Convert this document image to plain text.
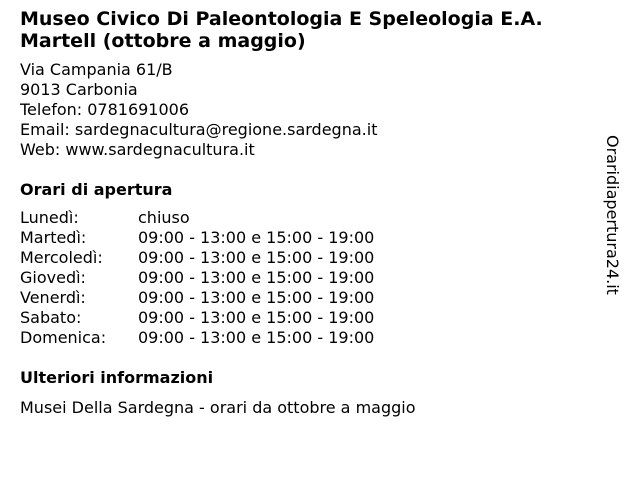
Museo Civico Di Paleontologia E Speleologia E.A. Martell (ottobre a maggio)
Via Campania 61/B
9013 Carbonia
Telefon: 0781691006
Email: sardegnacultura@regione.sardegna.it
Web: www.sardegnacultura.it
Orari di apertura
Lunedì:	chiuso
Martedì:	09:00 - 13:00 e 15:00 - 19:00
Mercoledì:	09:00 - 13:00 e 15:00 - 19:00
Giovedì:	09:00 - 13:00 e 15:00 - 19:00
Venerdì:	09:00 - 13:00 e 15:00 - 19:00
Sabato:	09:00 - 13:00 e 15:00 - 19:00
Domenica:	09:00 - 13:00 e 15:00 - 19:00
Ulteriori informazioni
Musei Della Sardegna - orari da ottobre a maggio
Oraridiapertura24.it
